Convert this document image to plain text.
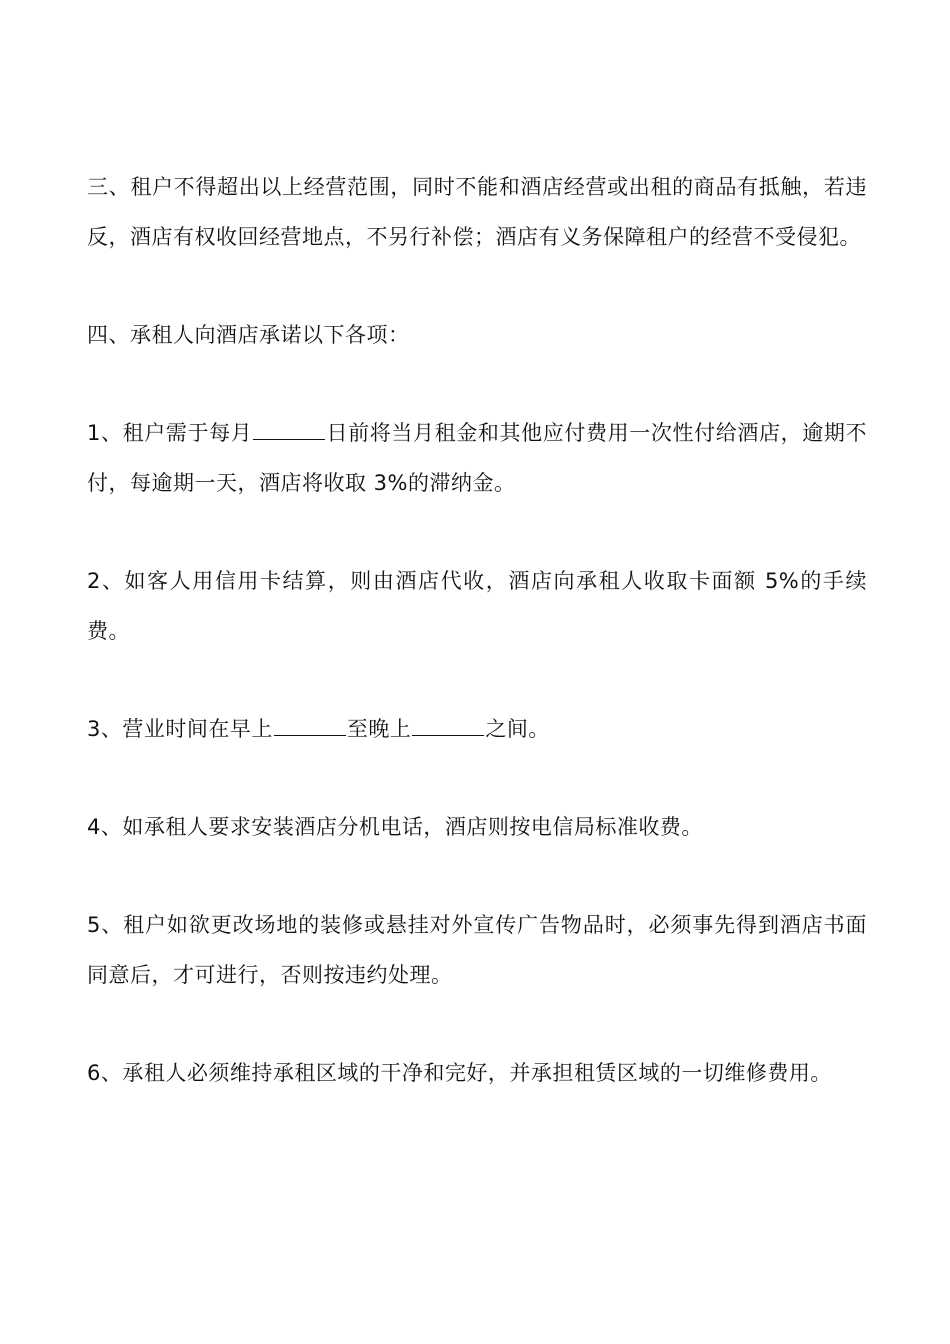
三、租户不得超出以上经营范围，同时不能和酒店经营或出租的商品有抵触，若违反，酒店有权收回经营地点，不另行补偿；酒店有义务保障租户的经营不受侵犯。

四、承租人向酒店承诺以下各项：

1、租户需于每月	日前将当月租金和其他应付费用一次性付给酒店，逾期不付，每逾期一天，酒店将收取 3%的滞纳金。

2、如客人用信用卡结算，则由酒店代收，酒店向承租人收取卡面额 5%的手续费。

3、营业时间在早上	至晚上	之间。

4、如承租人要求安装酒店分机电话，酒店则按电信局标准收费。

5、租户如欲更改场地的装修或悬挂对外宣传广告物品时，必须事先得到酒店书面同意后，才可进行，否则按违约处理。

6、承租人必须维持承租区域的干净和完好，并承担租赁区域的一切维修费用。
